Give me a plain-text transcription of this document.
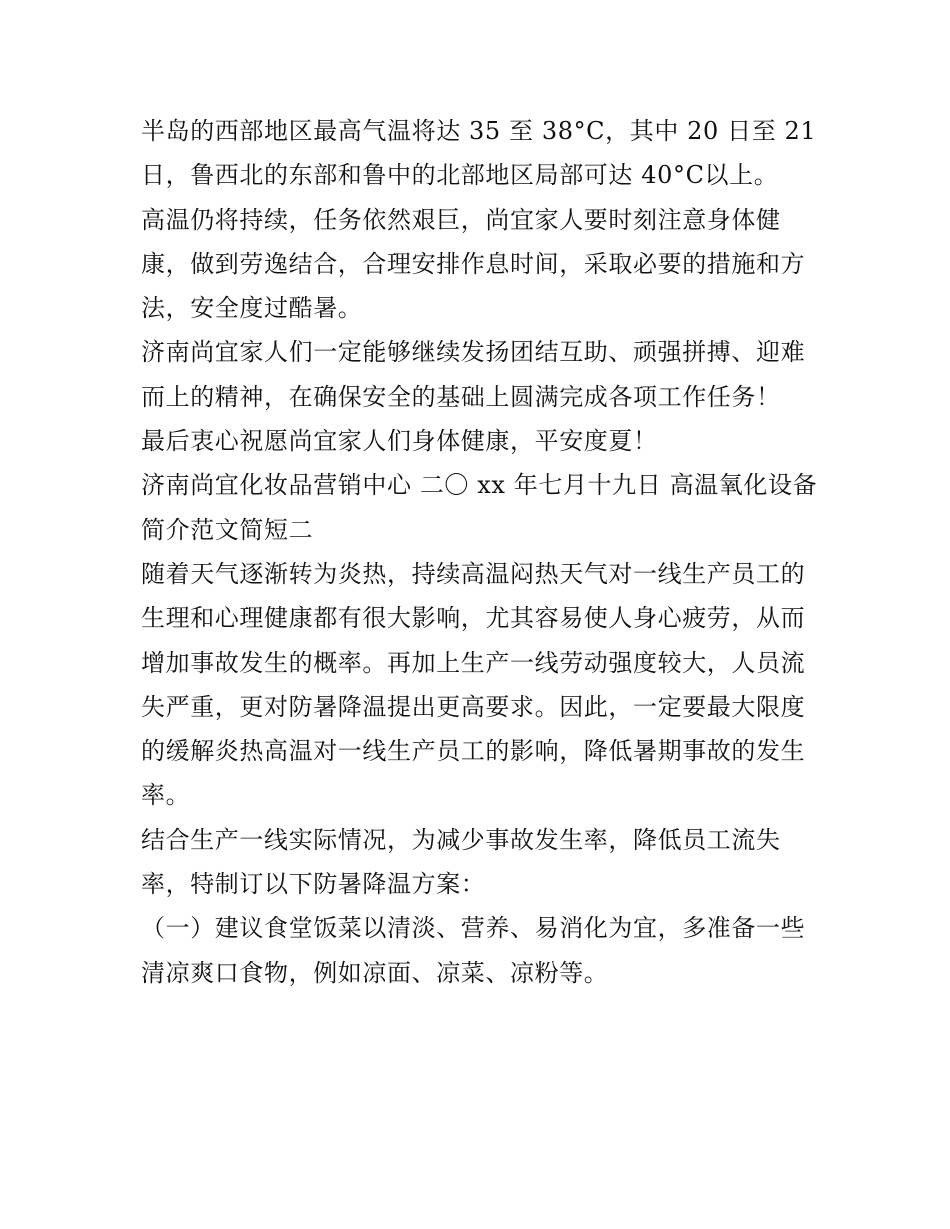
半岛的西部地区最高气温将达 35 至 38°C，其中 20 日至 21
日，鲁西北的东部和鲁中的北部地区局部可达 40°C以上。
高温仍将持续，任务依然艰巨，尚宜家人要时刻注意身体健
康，做到劳逸结合，合理安排作息时间，采取必要的措施和方
法，安全度过酷暑。
济南尚宜家人们一定能够继续发扬团结互助、顽强拼搏、迎难
而上的精神，在确保安全的基础上圆满完成各项工作任务！
最后衷心祝愿尚宜家人们身体健康，平安度夏！
济南尚宜化妆品营销中心 二〇 xx 年七月十九日 高温氧化设备
简介范文简短二
随着天气逐渐转为炎热，持续高温闷热天气对一线生产员工的
生理和心理健康都有很大影响，尤其容易使人身心疲劳，从而
增加事故发生的概率。再加上生产一线劳动强度较大，人员流
失严重，更对防暑降温提出更高要求。因此，一定要最大限度
的缓解炎热高温对一线生产员工的影响，降低暑期事故的发生
率。
结合生产一线实际情况，为减少事故发生率，降低员工流失
率，特制订以下防暑降温方案：
（一）建议食堂饭菜以清淡、营养、易消化为宜，多准备一些
清凉爽口食物，例如凉面、凉菜、凉粉等。
